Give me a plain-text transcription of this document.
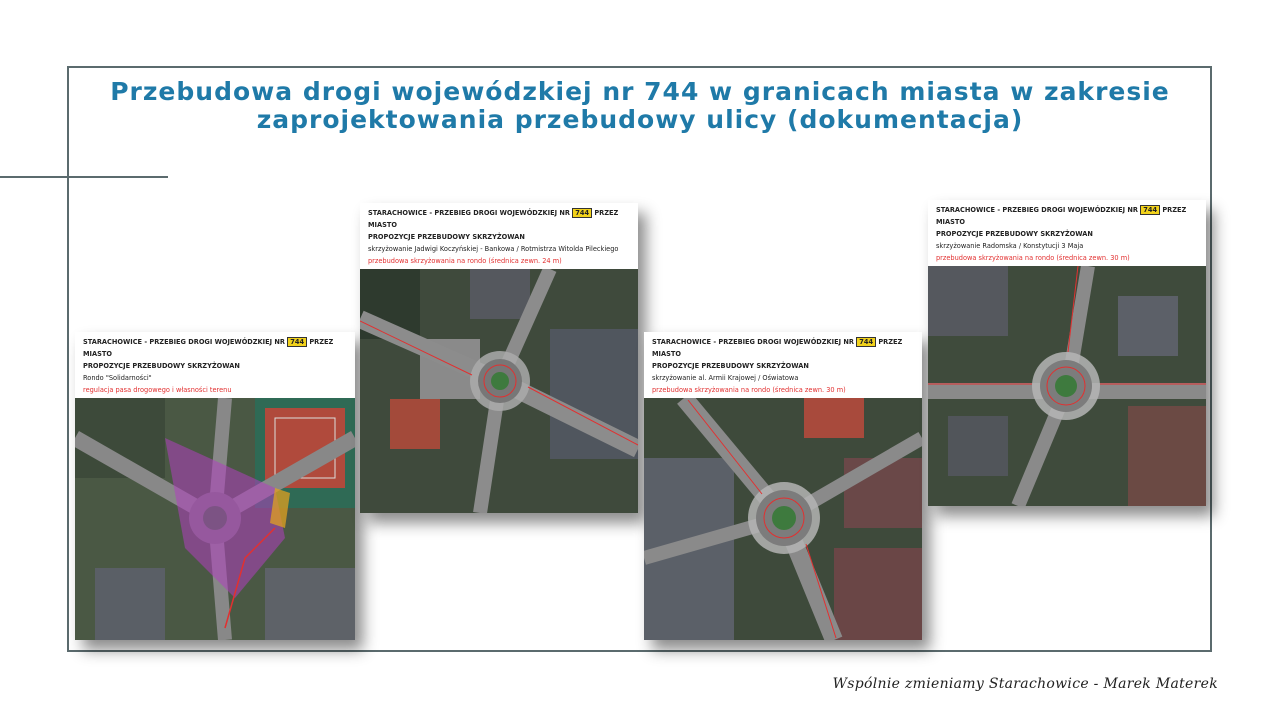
Przebudowa drogi wojewódzkiej nr 744 w granicach miasta w zakresie
zaprojektowania przebudowy ulicy (dokumentacja)
STARACHOWICE - PRZEBIEG DROGI WOJEWÓDZKIEJ NR 744 PRZEZ MIASTO
PROPOZYCJE PRZEBUDOWY SKRZYŻOWAN
Rondo "Solidarności"
regulacja pasa drogowego i własności terenu
STARACHOWICE - PRZEBIEG DROGI WOJEWÓDZKIEJ NR 744 PRZEZ MIASTO
PROPOZYCJE PRZEBUDOWY SKRZYŻOWAN
skrzyżowanie Jadwigi Koczyńskiej - Bankowa / Rotmistrza Witolda Pileckiego
przebudowa skrzyżowania na rondo (średnica zewn. 24 m)
STARACHOWICE - PRZEBIEG DROGI WOJEWÓDZKIEJ NR 744 PRZEZ MIASTO
PROPOZYCJE PRZEBUDOWY SKRZYŻOWAN
skrzyżowanie al. Armii Krajowej / Oświatowa
przebudowa skrzyżowania na rondo (średnica zewn. 30 m)
STARACHOWICE - PRZEBIEG DROGI WOJEWÓDZKIEJ NR 744 PRZEZ MIASTO
PROPOZYCJE PRZEBUDOWY SKRZYŻOWAN
skrzyżowanie Radomska / Konstytucji 3 Maja
przebudowa skrzyżowania na rondo (średnica zewn. 30 m)
Wspólnie zmieniamy Starachowice - Marek Materek
